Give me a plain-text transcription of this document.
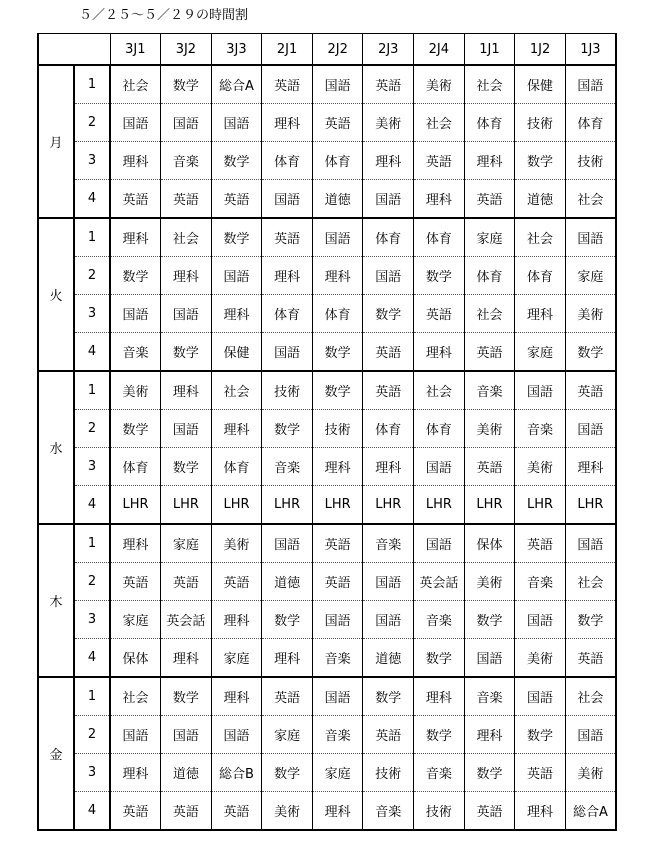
５／２５～５／２９の時間割
		3J1	3J2	3J3	2J1	2J2	2J3	2J4	1J1	1J2	1J3
月	1	社会	数学	総合A	英語	国語	英語	美術	社会	保健	国語
	2	国語	国語	国語	理科	英語	美術	社会	体育	技術	体育
	3	理科	音楽	数学	体育	体育	理科	英語	理科	数学	技術
	4	英語	英語	英語	国語	道徳	国語	理科	英語	道徳	社会
火	1	理科	社会	数学	英語	国語	体育	体育	家庭	社会	国語
	2	数学	理科	国語	理科	理科	国語	数学	体育	体育	家庭
	3	国語	国語	理科	体育	体育	数学	英語	社会	理科	美術
	4	音楽	数学	保健	国語	数学	英語	理科	英語	家庭	数学
水	1	美術	理科	社会	技術	数学	英語	社会	音楽	国語	英語
	2	数学	国語	理科	数学	技術	体育	体育	美術	音楽	国語
	3	体育	数学	体育	音楽	理科	理科	国語	英語	美術	理科
	4	LHR	LHR	LHR	LHR	LHR	LHR	LHR	LHR	LHR	LHR
木	1	理科	家庭	美術	国語	英語	音楽	国語	保体	英語	国語
	2	英語	英語	英語	道徳	英語	国語	英会話	美術	音楽	社会
	3	家庭	英会話	理科	数学	国語	国語	音楽	数学	国語	数学
	4	保体	理科	家庭	理科	音楽	道徳	数学	国語	美術	英語
金	1	社会	数学	理科	英語	国語	数学	理科	音楽	国語	社会
	2	国語	国語	国語	家庭	音楽	英語	数学	理科	数学	国語
	3	理科	道徳	総合B	数学	家庭	技術	音楽	数学	英語	美術
	4	英語	英語	英語	美術	理科	音楽	技術	英語	理科	総合A
